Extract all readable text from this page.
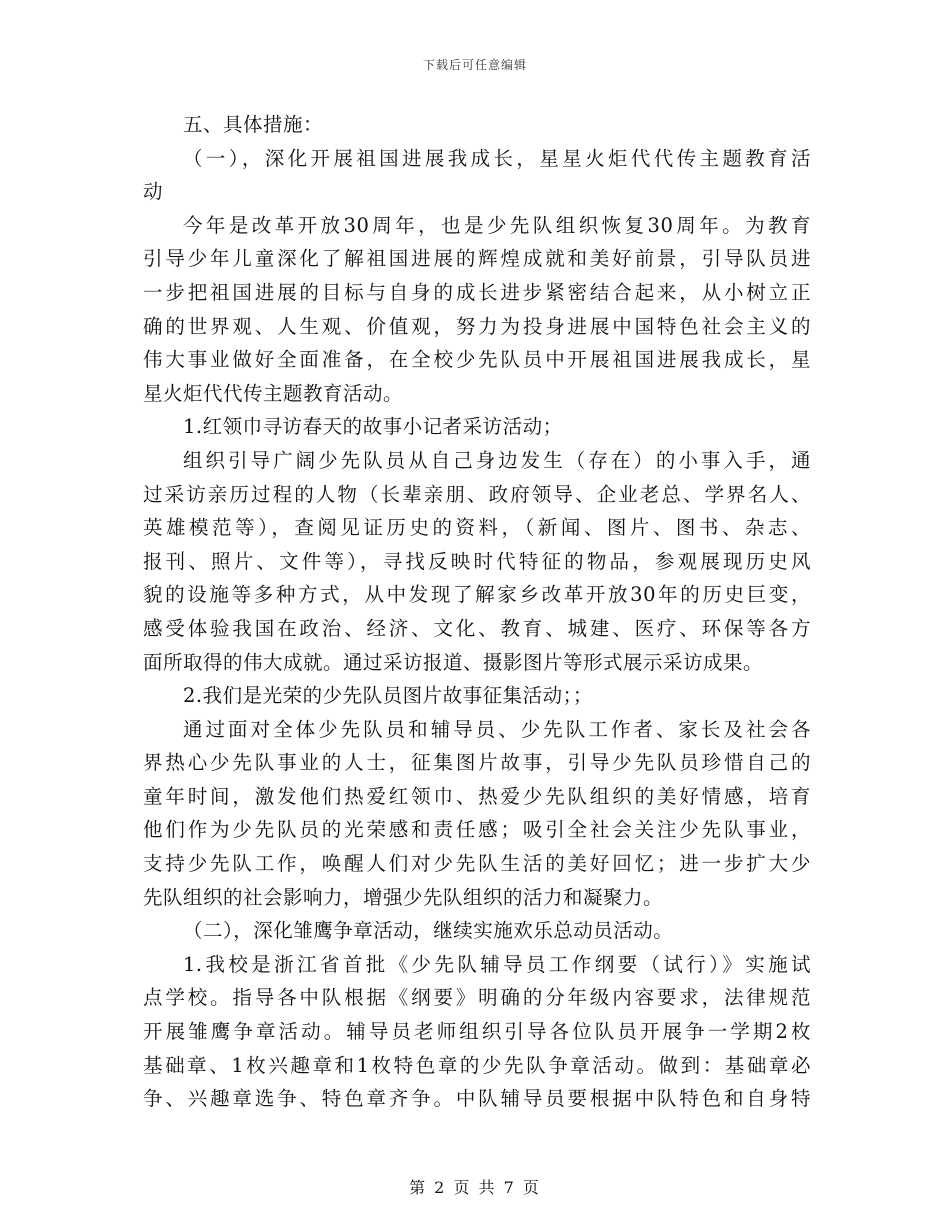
下载后可任意编辑
五、具体措施：
（一），深化开展祖国进展我成长，星星火炬代代传主题教育活
动
今年是改革开放30周年，也是少先队组织恢复30周年。为教育
引导少年儿童深化了解祖国进展的辉煌成就和美好前景，引导队员进
一步把祖国进展的目标与自身的成长进步紧密结合起来，从小树立正
确的世界观、人生观、价值观，努力为投身进展中国特色社会主义的
伟大事业做好全面准备，在全校少先队员中开展祖国进展我成长，星
星火炬代代传主题教育活动。
1.红领巾寻访春天的故事小记者采访活动；
组织引导广阔少先队员从自己身边发生（存在）的小事入手，通
过采访亲历过程的人物（长辈亲朋、政府领导、企业老总、学界名人、
英雄模范等），查阅见证历史的资料，（新闻、图片、图书、杂志、
报刊、照片、文件等），寻找反映时代特征的物品，参观展现历史风
貌的设施等多种方式，从中发现了解家乡改革开放30年的历史巨变，
感受体验我国在政治、经济、文化、教育、城建、医疗、环保等各方
面所取得的伟大成就。通过采访报道、摄影图片等形式展示采访成果。
2.我们是光荣的少先队员图片故事征集活动；；
通过面对全体少先队员和辅导员、少先队工作者、家长及社会各
界热心少先队事业的人士，征集图片故事，引导少先队员珍惜自己的
童年时间，激发他们热爱红领巾、热爱少先队组织的美好情感，培育
他们作为少先队员的光荣感和责任感；吸引全社会关注少先队事业，
支持少先队工作，唤醒人们对少先队生活的美好回忆；进一步扩大少
先队组织的社会影响力，增强少先队组织的活力和凝聚力。
（二），深化雏鹰争章活动，继续实施欢乐总动员活动。
1.我校是浙江省首批《少先队辅导员工作纲要（试行）》实施试
点学校。指导各中队根据《纲要》明确的分年级内容要求，法律规范
开展雏鹰争章活动。辅导员老师组织引导各位队员开展争一学期2枚
基础章、1枚兴趣章和1枚特色章的少先队争章活动。做到：基础章必
争、兴趣章选争、特色章齐争。中队辅导员要根据中队特色和自身特
第 2 页 共 7 页
